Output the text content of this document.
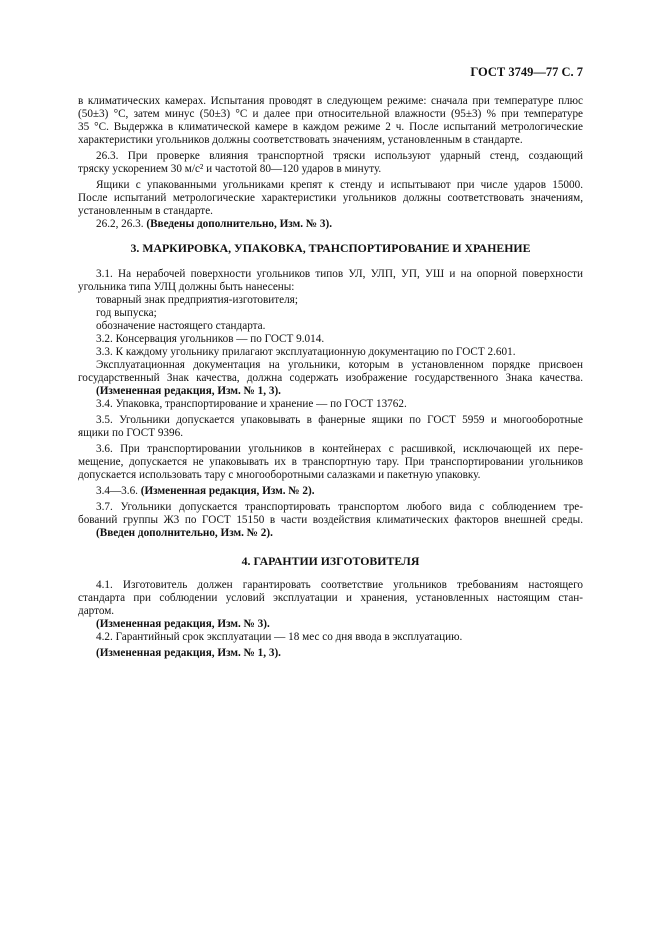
ГОСТ 3749—77 С. 7
в климатических камерах. Испытания проводят в следующем режиме: сначала при температуре плюс
(50±3) °С, затем минус (50±3) °С и далее при относительной влажности (95±3) % при температуре
35 °С. Выдержка в климатической камере в каждом режиме 2 ч. После испытаний метрологические
характеристики угольников должны соответствовать значениям, установленным в стандарте.
26.3. При проверке влияния транспортной тряски используют ударный стенд, создающий
тряску ускорением 30 м/с² и частотой 80—120 ударов в минуту.
Ящики с упакованными угольниками крепят к стенду и испытывают при числе ударов 15000.
После испытаний метрологические характеристики угольников должны соответствовать значениям,
установленным в стандарте.
26.2, 26.3. (Введены дополнительно, Изм. № 3).
3. МАРКИРОВКА, УПАКОВКА, ТРАНСПОРТИРОВАНИЕ И ХРАНЕНИЕ
3.1. На нерабочей поверхности угольников типов УЛ, УЛП, УП, УШ и на опорной поверхности
угольника типа УЛЦ должны быть нанесены:
товарный знак предприятия-изготовителя;
год выпуска;
обозначение настоящего стандарта.
3.2. Консервация угольников — по ГОСТ 9.014.
3.3. К каждому угольнику прилагают эксплуатационную документацию по ГОСТ 2.601.
Эксплуатационная документация на угольники, которым в установленном порядке присвоен
государственный Знак качества, должна содержать изображение государственного Знака качества.
(Измененная редакция, Изм. № 1, 3).
3.4. Упаковка, транспортирование и хранение — по ГОСТ 13762.
3.5. Угольники допускается упаковывать в фанерные ящики по ГОСТ 5959 и многооборотные
ящики по ГОСТ 9396.
3.6. При транспортировании угольников в контейнерах с расшивкой, исключающей их пере-
мещение, допускается не упаковывать их в транспортную тару. При транспортировании угольников
допускается использовать тару с многооборотными салазками и пакетную упаковку.
3.4—3.6. (Измененная редакция, Изм. № 2).
3.7. Угольники допускается транспортировать транспортом любого вида с соблюдением тре-
бований группы Ж3 по ГОСТ 15150 в части воздействия климатических факторов внешней среды.
(Введен дополнительно, Изм. № 2).
4. ГАРАНТИИ ИЗГОТОВИТЕЛЯ
4.1. Изготовитель должен гарантировать соответствие угольников требованиям настоящего
стандарта при соблюдении условий эксплуатации и хранения, установленных настоящим стан-
дартом.
(Измененная редакция, Изм. № 3).
4.2. Гарантийный срок эксплуатации — 18 мес со дня ввода в эксплуатацию.
(Измененная редакция, Изм. № 1, 3).
